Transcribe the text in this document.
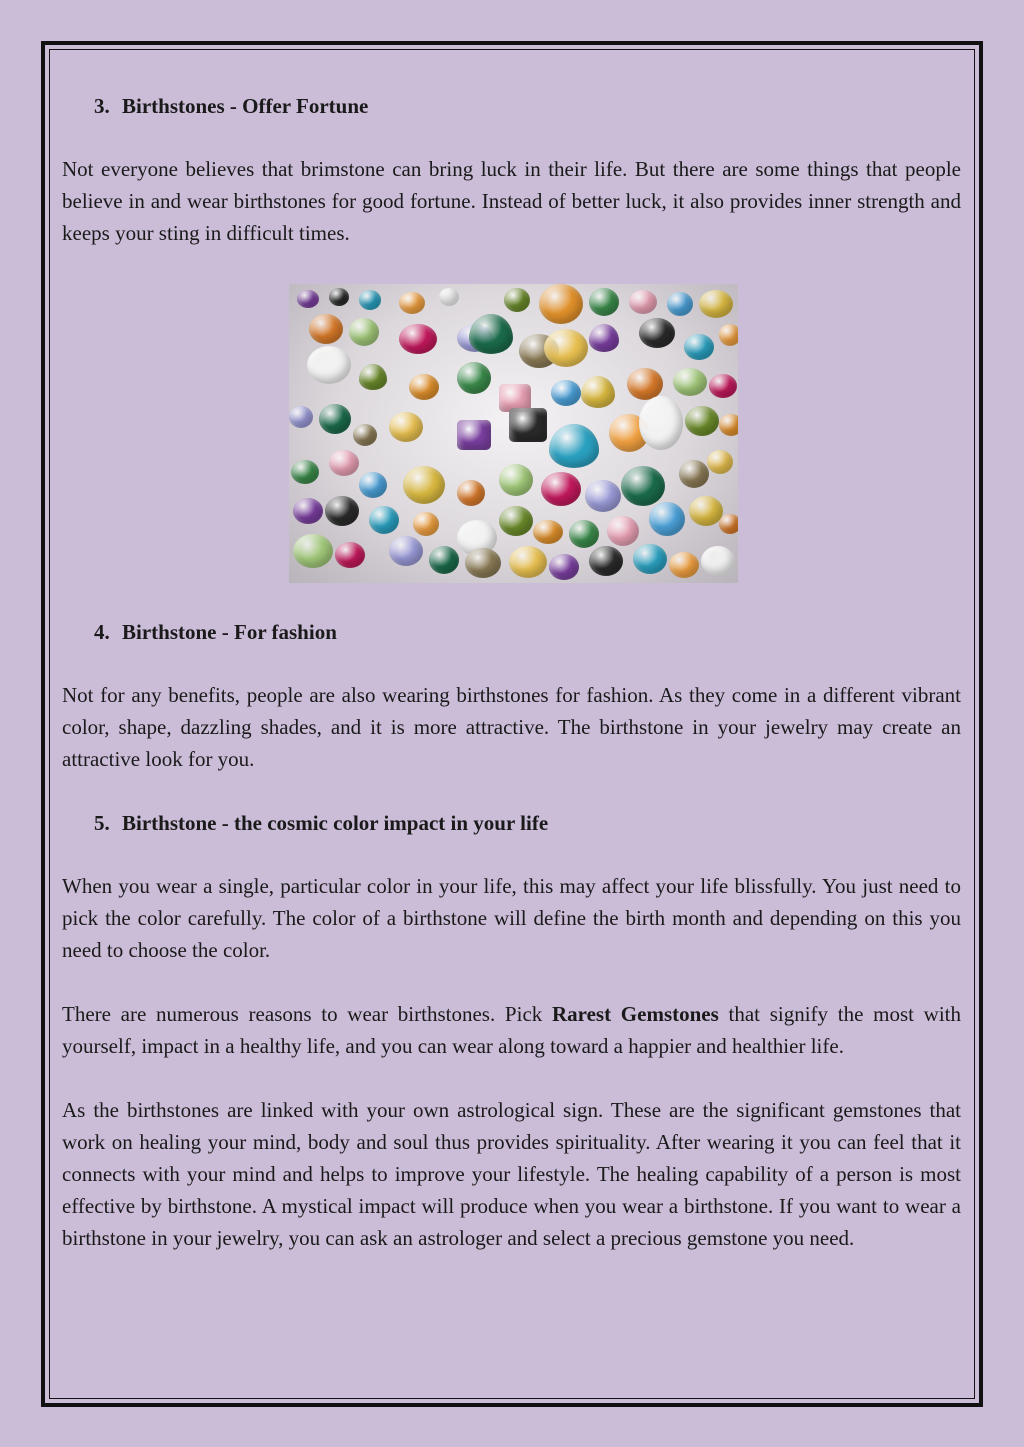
3. Birthstones - Offer Fortune

Not everyone believes that brimstone can bring luck in their life. But there are some things that people believe in and wear birthstones for good fortune. Instead of better luck, it also provides inner strength and keeps your sting in difficult times.

4. Birthstone - For fashion

Not for any benefits, people are also wearing birthstones for fashion. As they come in a different vibrant color, shape, dazzling shades, and it is more attractive. The birthstone in your jewelry may create an attractive look for you.

5. Birthstone - the cosmic color impact in your life

When you wear a single, particular color in your life, this may affect your life blissfully. You just need to pick the color carefully. The color of a birthstone will define the birth month and depending on this you need to choose the color.

There are numerous reasons to wear birthstones. Pick Rarest Gemstones that signify the most with yourself, impact in a healthy life, and you can wear along toward a happier and healthier life.

As the birthstones are linked with your own astrological sign. These are the significant gemstones that work on healing your mind, body and soul thus provides spirituality. After wearing it you can feel that it connects with your mind and helps to improve your lifestyle. The healing capability of a person is most effective by birthstone. A mystical impact will produce when you wear a birthstone. If you want to wear a birthstone in your jewelry, you can ask an astrologer and select a precious gemstone you need.
